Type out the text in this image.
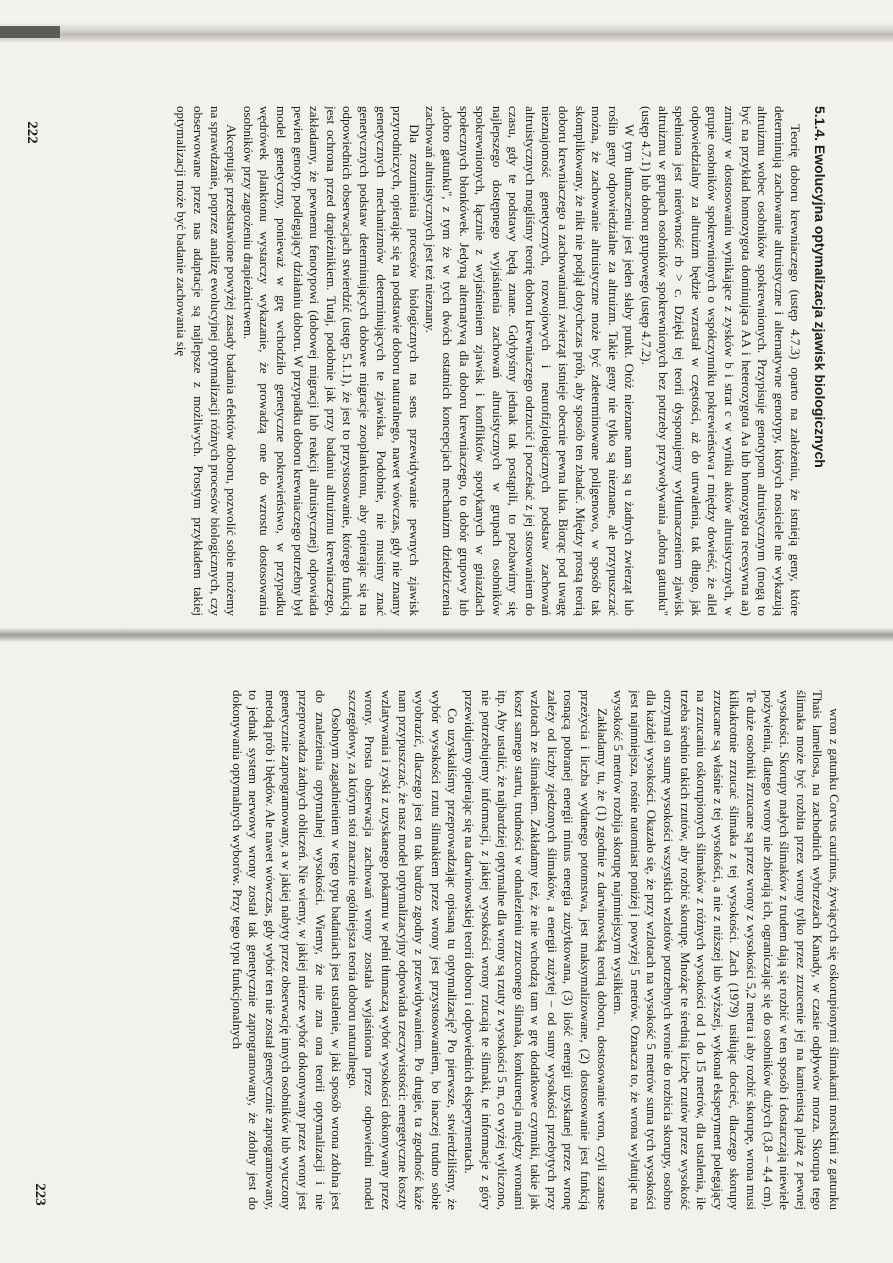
5.1.4. Ewolucyjna optymalizacja zjawisk biologicznych

Teorię doboru krewniaczego (ustęp 4.7.3) oparto na założeniu, że istnieją geny, które determinują zachowanie altruistyczne i alternatywne genotypy, których nosiciele nie wykazują altruizmu wobec osobników spokrewnionych. Przypisuje genotypom altruistycznym (mogą to być na przykład homozygota dominująca AA i heterozygota Aa lub homozygota recesywna aa) zmiany w dostosowaniu wynikające z zysków b i strat c w wyniku aktów altruistycznych, w grupie osobników spokrewnionych o współczynniku pokrewieństwa r między dowieść, że allel odpowiedzialny za altruizm będzie wzrastał w częstości, aż do utrwalenia, tak długo, jak spełniona jest nierówność rb > c. Dzięki tej teorii dysponujemy wytłumaczeniem zjawisk altruizmu w grupach osobników spokrewnionych bez potrzeby przywoływania „dobra gatunku" (ustęp 4.7.1) lub doboru grupowego (ustęp 4.7.2).

W tym tłumaczeniu jest jeden słaby punkt. Otóż nieznane nam są u żadnych zwierząt lub roślin geny odpowiedzialne za altruizm. Takie geny nie tylko są nieznane, ale przypuszczać można, że zachowanie altruistyczne może być zdeterminowane poligenowo, w sposób tak skomplikowany, że nikt nie podjął dotychczas prób, aby sposób ten zbadać. Między prostą teorią doboru krewniaczego a zachowaniami zwierząt istnieje obecnie pewna luka. Biorąc pod uwagę nieznajomość genetycznych, rozwojowych i neurofizjologicznych podstaw zachowań altruistycznych mogliśmy teorię doboru krewniaczego odrzucić i poczekać z jej stosowaniem do czasu, gdy te podstawy będą znane. Gdybyśmy jednak tak postąpili, to pozbawimy się najlepszego dostępnego wyjaśnienia zachowań altruistycznych w grupach osobników spokrewnionych, łącznie z wyjaśnieniem zjawisk i konfliktów spotykanych w gniazdach społecznych błonkówek. Jedyną alternatywą dla doboru krewniaczego, to dobór grupowy lub „dobro gatunku", z tym że w tych dwóch ostatnich koncepcjach mechanizm dziedziczenia zachowań altruistycznych jest też nieznany.

Dla zrozumienia procesów biologicznych na sens przewidywanie pewnych zjawisk przyrodniczych, opierając się na podstawie doboru naturalnego, nawet wówczas, gdy nie znamy genetycznych mechanizmów determinujących te zjawiska. Podobnie, nie musimy znać genetycznych podstaw determinujących dobowe migracje zooplanktonu, aby opierając się na odpowiednich obserwacjach stwierdzić (ustęp 5.1.1), że jest to przystosowanie, którego funkcją jest ochrona przed drapieżnikiem. Tutaj, podobnie jak przy badaniu altruizmu krewniaczego, zakładamy, że pewnemu fenotypowi (dobowej migracji lub reakcji altruistycznej) odpowiada pewien genotyp, podlegający działaniu doboru. W przypadku doboru krewniaczego potrzebny był model genetyczny, ponieważ w grę wchodziło genetyczne pokrewieństwo, w przypadku wędrówek planktonu wystarczy wykazanie, że prowadzą one do wzrostu dostosowania osobników przy zagrożeniu drapieżnictwem.

Akceptując przedstawione powyżej zasady badania efektów doboru, pozwolić sobie możemy na sprawdzanie, poprzez analizę ewolucyjnej optymalizacji różnych procesów biologicznych, czy obserwowane przez nas adaptacje są najlepsze z możliwych. Prostym przykładem takiej optymalizacji może być badanie zachowania się

222

wron z gatunku Corvus caurinus, żywiących się ośkorupionymi ślimakami morskimi z gatunku Thais lamellosa, na zachodnich wybrzeżach Kanady, w czasie odpływów morza. Skorupa tego ślimaka może być rozbita przez wrony tylko przez zrzucenie jej na kamienistą plażę z pewnej wysokości. Skorupy małych ślimaków z trudem dają się rozbić w ten sposób i dostarczają niewiele pożywienia, dlatego wrony nie zbierają ich, ograniczając się do osobników dużych (3,8 – 4,4 cm). Te duże osobniki zrzucane są przez wrony z wysokości 5,2 metra i aby rozbić skorupę, wrona musi kilkakrotnie zrzucać ślimaka z tej wysokości. Zach (1979) usiłując docieć, dlaczego skorupy zrzucane są właśnie z tej wysokości, a nie z niższej lub wyższej, wykonał eksperyment polegający na zrzucaniu ośkorupionych ślimaków z różnych wysokości od 1 do 15 metrów, dla ustalenia, ile trzeba średnio takich rzutów, aby rozbić skorupę. Mnożąc te średnią liczbę rzutów przez wysokość otrzymał on sumę wysokości wszystkich wzlotów potrzebnych wronie do rozbicia skorupy, osobno dla każdej wysokości. Okazało się, że przy wzlotach na wysokość 5 metrów suma tych wysokości jest najmniejsza, rośnie natomiast poniżej i powyżej 5 metrów. Oznacza to, że wrona wylatując na wysokość 5 metrów rozbija skorupę najmniejszym wysiłkiem.

Zakładamy tu, że (1) zgodnie z darwinowską teorią doboru, dostosowanie wron, czyli szanse przeżycia i liczba wydanego potomstwa, jest maksymalizowane, (2) dostosowanie jest funkcją rosnącą pobranej energii minus energia zużytkowana, (3) ilość energii uzyskanej przez wronę zależy od liczby zjedzonych ślimaków, a energii zużytej – od sumy wysokości przebytych przy wzlotach ze ślimakiem. Zakładamy też, że nie wchodzą tam w grę dodatkowe czynniki, takie jak koszt samego startu, trudności w odnalezieniu zrzuconego ślimaka, konkurencja między wronami itp. Aby ustalić, że najbardziej optymalne dla wrony są rzuty z wysokości 5 m, co wyżej wyliczono, nie potrzebujemy informacji, z jakiej wysokości wrony rzucają te ślimaki, te informacje z góry przewidujemy opierając się na darwinowskiej teorii doboru i odpowiednich eksperymentach.

Co uzyskaliśmy przeprowadzając opisaną tu optymalizację? Po pierwsze, stwierdziliśmy, że wybór wysokości rzutu ślimakiem przez wrony jest przystosowaniem, bo inaczej trudno sobie wyobrazić, dlaczego jest on tak bardzo zgodny z przewidywaniem. Po drugie, ta zgodność każe nam przypuszczać, że nasz model optymalizacyjny odpowiada rzeczywistości: energetyczne koszty wzlatywania i zyski z uzyskanego pokarmu w pełni tłumaczą wybór wysokości dokonywany przez wrony. Prosta obserwacja zachowań wrony została wyjaśniona przez odpowiedni model szczegółowy, za którym stoi znacznie ogólniejsza teoria doboru naturalnego.

Osobnym zagadnieniem w tego typu badaniach jest ustalenie, w jaki sposób wrona zdolna jest do znalezienia optymalnej wysokości. Wiemy, że nie zna ona teorii optymalizacji i nie przeprowadza żadnych obliczeń. Nie wiemy, w jakiej mierze wybór dokonywany przez wrony jest genetycznie zaprogramowany, a w jakiej nabyty przez obserwację innych osobników lub wyuczony metodą prób i błędów. Ale nawet wówczas, gdy wybór ten nie został genetycznie zaprogramowany, to jednak system nerwowy wrony został tak genetycznie zaprogramowany, że zdolny jest do dokonywania optymalnych wyborów. Przy tego typu funkcjonalnych

223
